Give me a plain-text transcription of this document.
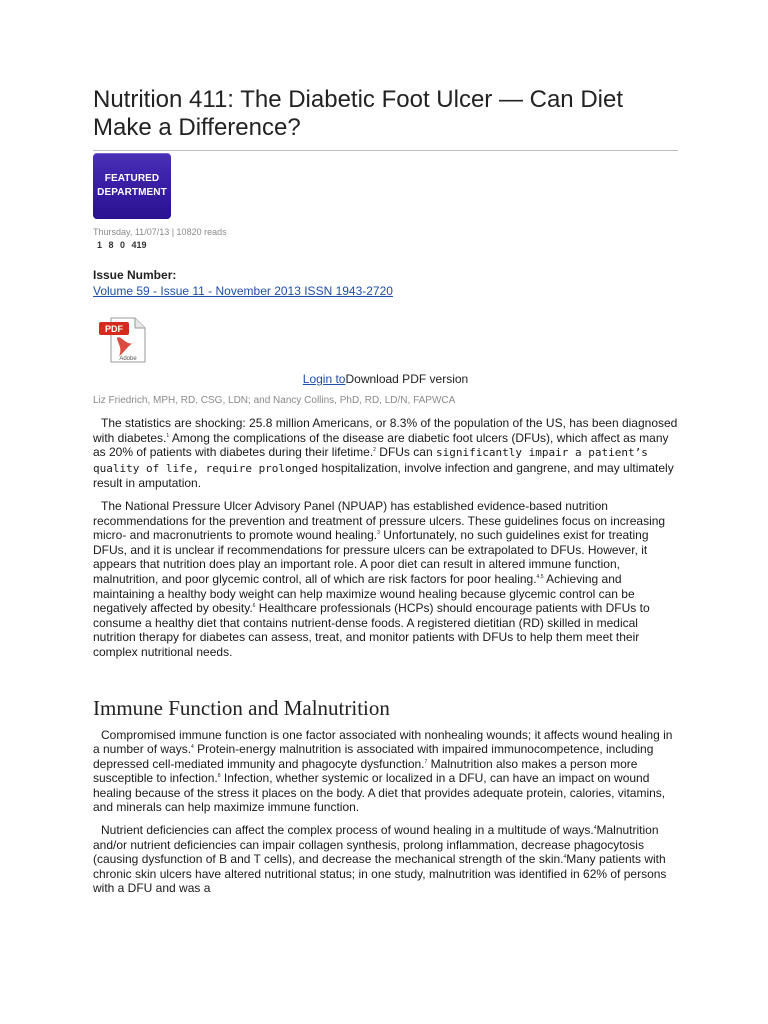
Nutrition 411: The Diabetic Foot Ulcer — Can Diet Make a Difference?
FEATURED
DEPARTMENT
Thursday, 11/07/13 | 10820 reads
1 8 0 419
Issue Number:
Volume 59 - Issue 11 - November 2013 ISSN 1943-2720
PDF
Adobe
Login toDownload PDF version
Liz Friedrich, MPH, RD, CSG, LDN; and Nancy Collins, PhD, RD, LD/N, FAPWCA

The statistics are shocking: 25.8 million Americans, or 8.3% of the population of the US, has been diagnosed with diabetes.$^1$ Among the complications of the disease are diabetic foot ulcers (DFUs), which affect as many as 20% of patients with diabetes during their lifetime.$^2$ DFUs can significantly impair a patient’s quality of life, require prolonged hospitalization, involve infection and gangrene, and may ultimately result in amputation.

The National Pressure Ulcer Advisory Panel (NPUAP) has established evidence-based nutrition recommendations for the prevention and treatment of pressure ulcers. These guidelines focus on increasing micro- and macronutrients to promote wound healing.$^3$ Unfortunately, no such guidelines exist for treating DFUs, and it is unclear if recommendations for pressure ulcers can be extrapolated to DFUs. However, it appears that nutrition does play an important role. A poor diet can result in altered immune function, malnutrition, and poor glycemic control, all of which are risk factors for poor healing.$^{4,5}$ Achieving and maintaining a healthy body weight can help maximize wound healing because glycemic control can be negatively affected by obesity.$^6$ Healthcare professionals (HCPs) should encourage patients with DFUs to consume a healthy diet that contains nutrient-dense foods. A registered dietitian (RD) skilled in medical nutrition therapy for diabetes can assess, treat, and monitor patients with DFUs to help them meet their complex nutritional needs.

Immune Function and Malnutrition

Compromised immune function is one factor associated with nonhealing wounds; it affects wound healing in a number of ways.$^4$ Protein-energy malnutrition is associated with impaired immunocompetence, including depressed cell-mediated immunity and phagocyte dysfunction.$^7$ Malnutrition also makes a person more susceptible to infection.$^8$ Infection, whether systemic or localized in a DFU, can have an impact on wound healing because of the stress it places on the body. A diet that provides adequate protein, calories, vitamins, and minerals can help maximize immune function.

Nutrient deficiencies can affect the complex process of wound healing in a multitude of ways.$^4$Malnutrition and/or nutrient deficiencies can impair collagen synthesis, prolong inflammation, decrease phagocytosis (causing dysfunction of B and T cells), and decrease the mechanical strength of the skin.$^4$Many patients with chronic skin ulcers have altered nutritional status; in one study, malnutrition was identified in 62% of persons with a DFU and was a
